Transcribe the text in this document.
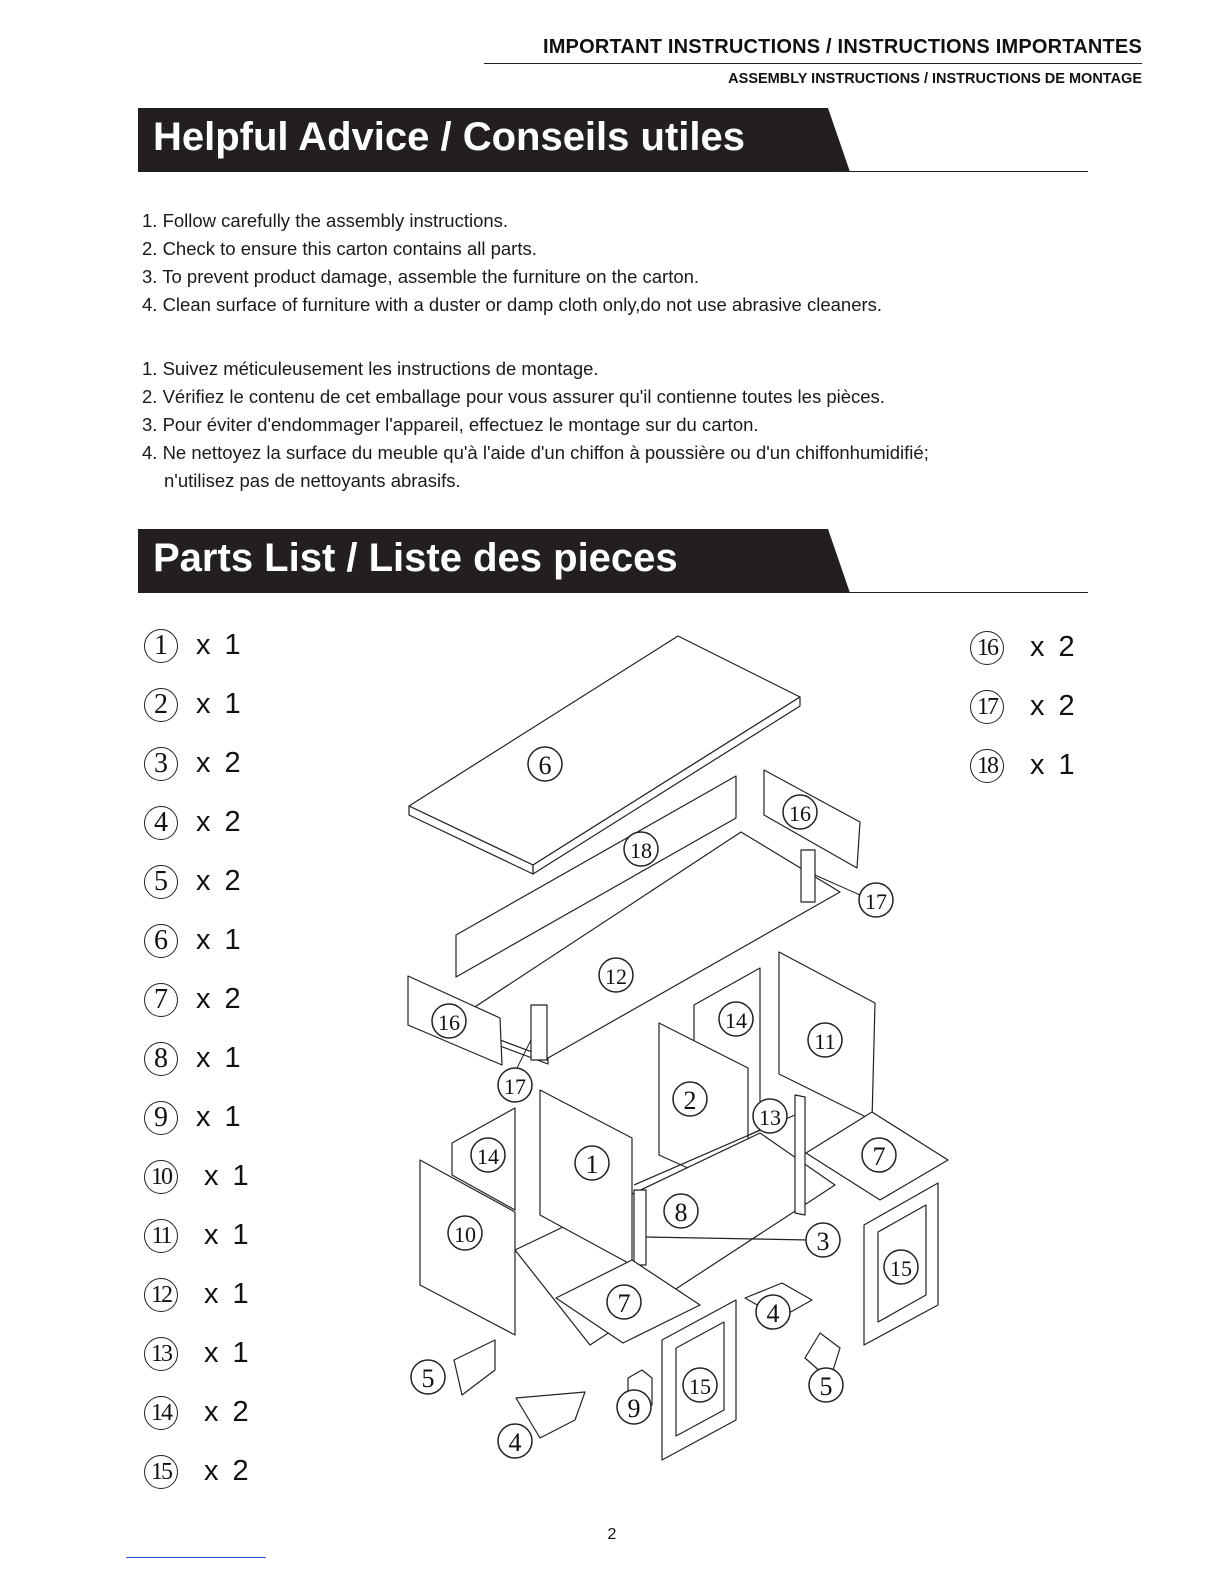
IMPORTANT INSTRUCTIONS / INSTRUCTIONS IMPORTANTES
ASSEMBLY INSTRUCTIONS / INSTRUCTIONS DE MONTAGE
Helpful Advice / Conseils utiles
1. Follow carefully the assembly instructions.
2. Check to ensure this carton contains all parts.
3. To prevent product damage, assemble the furniture on the carton.
4. Clean surface of furniture with a duster or damp cloth only,do not use abrasive cleaners.
1. Suivez méticuleusement les instructions de montage.
2. Vérifiez le contenu de cet emballage pour vous assurer qu'il contienne toutes les pièces.
3. Pour éviter d'endommager l'appareil, effectuez le montage sur du carton.
4. Ne nettoyez la surface du meuble qu'à l'aide d'un chiffon à poussière ou d'un chiffonhumidifié;
n'utilisez pas de nettoyants abrasifs.
Parts List / Liste des pieces
1 x 1
2 x 1
3 x 2
4 x 2
5 x 2
6 x 1
7 x 2
8 x 1
9 x 1
10 x 1
11 x 1
12 x 1
13 x 1
14 x 2
15 x 2
16 x 2
17 x 2
18 x 1
6
18
16
17
12
16	14
11
17	2
13
14	1	7
8
10	3
15
7	4
5	15	5
9
4
2
